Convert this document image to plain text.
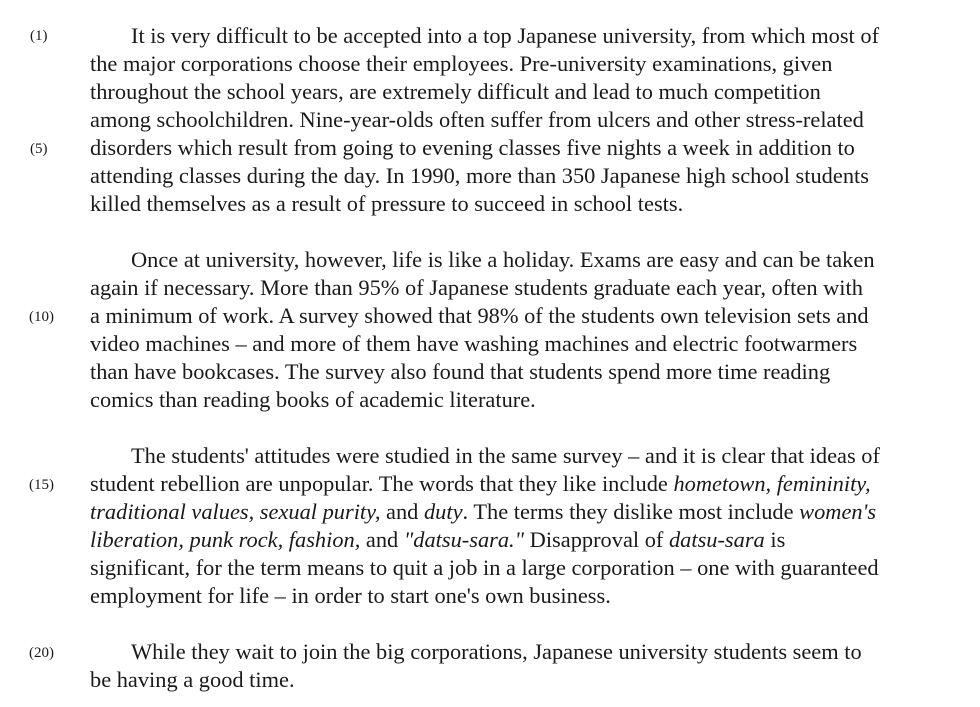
(1)
(5)
(10)
(15)
(20)
It is very difficult to be accepted into a top Japanese university, from which most of
the major corporations choose their employees. Pre-university examinations, given
throughout the school years, are extremely difficult and lead to much competition
among schoolchildren. Nine-year-olds often suffer from ulcers and other stress-related
disorders which result from going to evening classes five nights a week in addition to
attending classes during the day. In 1990, more than 350 Japanese high school students
killed themselves as a result of pressure to succeed in school tests.
Once at university, however, life is like a holiday. Exams are easy and can be taken
again if necessary. More than 95% of Japanese students graduate each year, often with
a minimum of work. A survey showed that 98% of the students own television sets and
video machines – and more of them have washing machines and electric footwarmers
than have bookcases. The survey also found that students spend more time reading
comics than reading books of academic literature.
The students' attitudes were studied in the same survey – and it is clear that ideas of
student rebellion are unpopular. The words that they like include hometown, femininity,
traditional values, sexual purity, and duty. The terms they dislike most include women's
liberation, punk rock, fashion, and "datsu-sara." Disapproval of datsu-sara is
significant, for the term means to quit a job in a large corporation – one with guaranteed
employment for life – in order to start one's own business.
While they wait to join the big corporations, Japanese university students seem to
be having a good time.
